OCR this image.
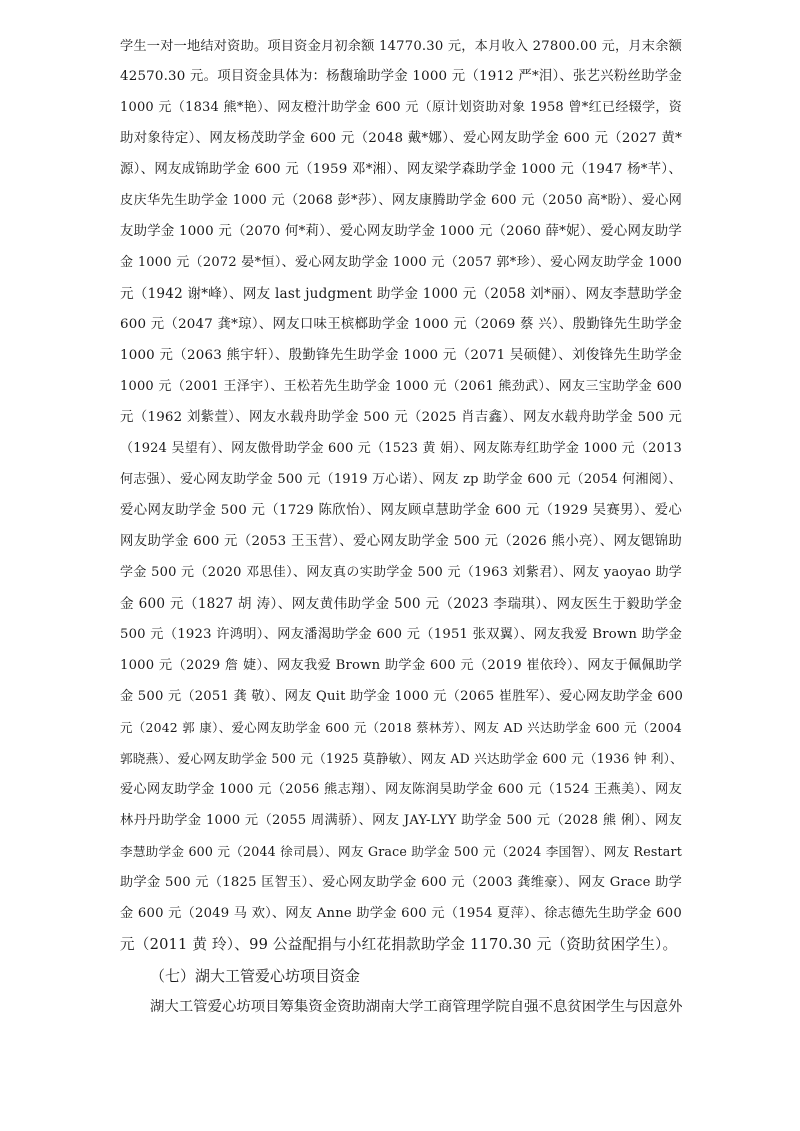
学生一对一地结对资助。项目资金月初余额 14770.30 元，本月收入 27800.00 元，月末余额
42570.30 元。项目资金具体为：杨馥瑜助学金 1000 元（1912 严*泪）、张艺兴粉丝助学金
1000 元（1834 熊*艳）、网友橙汁助学金 600 元（原计划资助对象 1958 曾*红已经辍学，资
助对象待定）、网友杨茂助学金 600 元（2048 戴*娜）、爱心网友助学金 600 元（2027 黄*
源）、网友成锦助学金 600 元（1959 邓*湘）、网友梁学森助学金 1000 元（1947 杨*芊）、
皮庆华先生助学金 1000 元（2068 彭*莎）、网友康腾助学金 600 元（2050 高*盼）、爱心网
友助学金 1000 元（2070 何*莉）、爱心网友助学金 1000 元（2060 薛*妮）、爱心网友助学
金 1000 元（2072 晏*恒）、爱心网友助学金 1000 元（2057 郭*珍）、爱心网友助学金 1000
元（1942 谢*峰）、网友 last judgment 助学金 1000 元（2058 刘*丽）、网友李慧助学金
600 元（2047 龚*琼）、网友口味王槟榔助学金 1000 元（2069 蔡 兴）、殷勤锋先生助学金
1000 元（2063 熊宇轩）、殷勤锋先生助学金 1000 元（2071 吴硕健）、刘俊锋先生助学金
1000 元（2001 王泽宇）、王松若先生助学金 1000 元（2061 熊劲武）、网友三宝助学金 600
元（1962 刘紫萱）、网友水载舟助学金 500 元（2025 肖吉鑫）、网友水载舟助学金 500 元
（1924 吴望有）、网友傲骨助学金 600 元（1523 黄 娟）、网友陈寿红助学金 1000 元（2013
何志强）、爱心网友助学金 500 元（1919 万心诺）、网友 zp 助学金 600 元（2054 何湘阅）、
爱心网友助学金 500 元（1729 陈欣怡）、网友顾卓慧助学金 600 元（1929 吴赛男）、爱心
网友助学金 600 元（2053 王玉营）、爱心网友助学金 500 元（2026 熊小亮）、网友锶锦助
学金 500 元（2020 邓思佳）、网友真の实助学金 500 元（1963 刘紫君）、网友 yaoyao 助学
金 600 元（1827 胡 涛）、网友黄伟助学金 500 元（2023 李瑞琪）、网友医生于毅助学金
500 元（1923 许鸿明）、网友潘渴助学金 600 元（1951 张双翼）、网友我爱 Brown 助学金
1000 元（2029 詹 婕）、网友我爱 Brown 助学金 600 元（2019 崔依玲）、网友于佩佩助学
金 500 元（2051 龚 敬）、网友 Quit 助学金 1000 元（2065 崔胜军）、爱心网友助学金 600
元（2042 郭 康）、爱心网友助学金 600 元（2018 蔡林芳）、网友 AD 兴达助学金 600 元（2004
郭晓燕）、爱心网友助学金 500 元（1925 莫静敏）、网友 AD 兴达助学金 600 元（1936 钟 利）、
爱心网友助学金 1000 元（2056 熊志翔）、网友陈润昊助学金 600 元（1524 王燕美）、网友
林丹丹助学金 1000 元（2055 周满骄）、网友 JAY-LYY 助学金 500 元（2028 熊 俐）、网友
李慧助学金 600 元（2044 徐司晨）、网友 Grace 助学金 500 元（2024 李国智）、网友 Restart
助学金 500 元（1825 匡智玉）、爱心网友助学金 600 元（2003 龚维豪）、网友 Grace 助学
金 600 元（2049 马 欢）、网友 Anne 助学金 600 元（1954 夏萍）、徐志德先生助学金 600
元（2011 黄 玲）、99 公益配捐与小红花捐款助学金 1170.30 元（资助贫困学生）。
（七）湖大工管爱心坊项目资金
湖大工管爱心坊项目筹集资金资助湖南大学工商管理学院自强不息贫困学生与因意外
